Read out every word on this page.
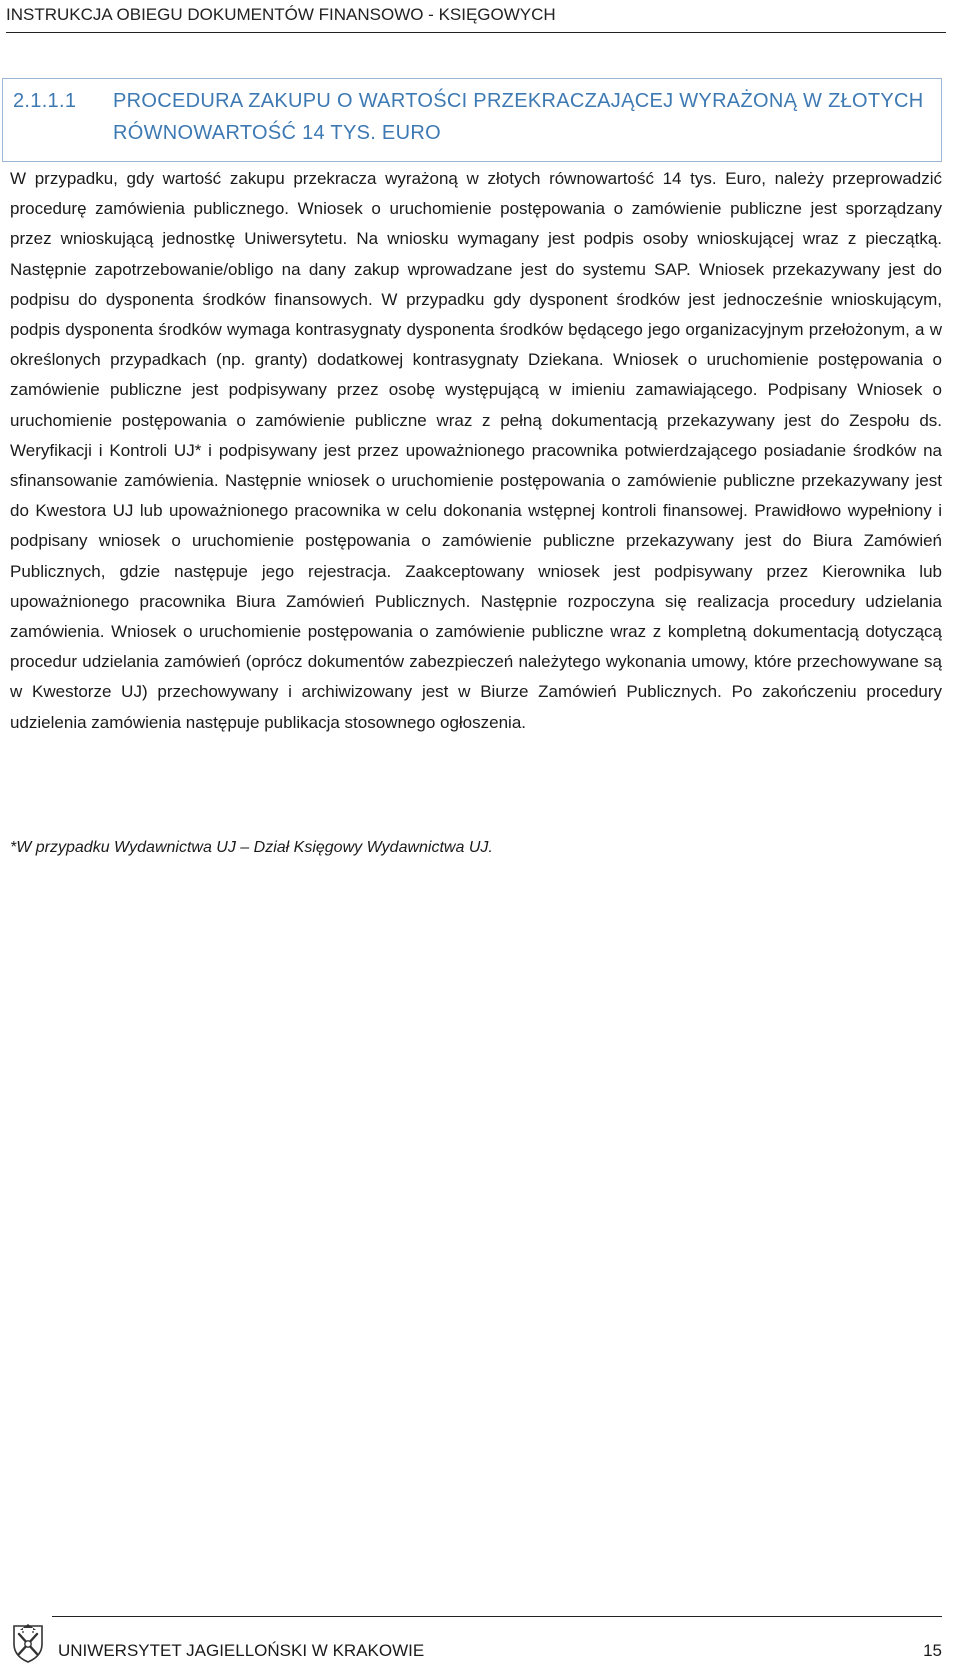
INSTRUKCJA OBIEGU DOKUMENTÓW FINANSOWO - KSIĘGOWYCH
2.1.1.1 PROCEDURA ZAKUPU O WARTOŚCI PRZEKRACZAJĄCEJ WYRAŻONĄ W ZŁOTYCH
RÓWNOWARTOŚĆ 14 TYS. EURO

W przypadku, gdy wartość zakupu przekracza wyrażoną w złotych równowartość 14 tys. Euro, należy przeprowadzić procedurę zamówienia publicznego. Wniosek o uruchomienie postępowania o zamówienie publiczne jest sporządzany przez wnioskującą jednostkę Uniwersytetu. Na wniosku wymagany jest podpis osoby wnioskującej wraz z pieczątką. Następnie zapotrzebowanie/obligo na dany zakup wprowadzane jest do systemu SAP. Wniosek przekazywany jest do podpisu do dysponenta środków finansowych. W przypadku gdy dysponent środków jest jednocześnie wnioskującym, podpis dysponenta środków wymaga kontrasygnaty dysponenta środków będącego jego organizacyjnym przełożonym, a w określonych przypadkach (np. granty) dodatkowej kontrasygnaty Dziekana. Wniosek o uruchomienie postępowania o zamówienie publiczne jest podpisywany przez osobę występującą w imieniu zamawiającego. Podpisany Wniosek o uruchomienie postępowania o zamówienie publiczne wraz z pełną dokumentacją przekazywany jest do Zespołu ds. Weryfikacji i Kontroli UJ* i podpisywany jest przez upoważnionego pracownika potwierdzającego posiadanie środków na sfinansowanie zamówienia. Następnie wniosek o uruchomienie postępowania o zamówienie publiczne przekazywany jest do Kwestora UJ lub upoważnionego pracownika w celu dokonania wstępnej kontroli finansowej. Prawidłowo wypełniony i podpisany wniosek o uruchomienie postępowania o zamówienie publiczne przekazywany jest do Biura Zamówień Publicznych, gdzie następuje jego rejestracja. Zaakceptowany wniosek jest podpisywany przez Kierownika lub upoważnionego pracownika Biura Zamówień Publicznych. Następnie rozpoczyna się realizacja procedury udzielania zamówienia. Wniosek o uruchomienie postępowania o zamówienie publiczne wraz z kompletną dokumentacją dotyczącą procedur udzielania zamówień (oprócz dokumentów zabezpieczeń należytego wykonania umowy, które przechowywane są w Kwestorze UJ) przechowywany i archiwizowany jest w Biurze Zamówień Publicznych. Po zakończeniu procedury udzielenia zamówienia następuje publikacja stosownego ogłoszenia.

*W przypadku Wydawnictwa UJ – Dział Księgowy Wydawnictwa UJ.

UNIWERSYTET JAGIELLOŃSKI W KRAKOWIE	15
